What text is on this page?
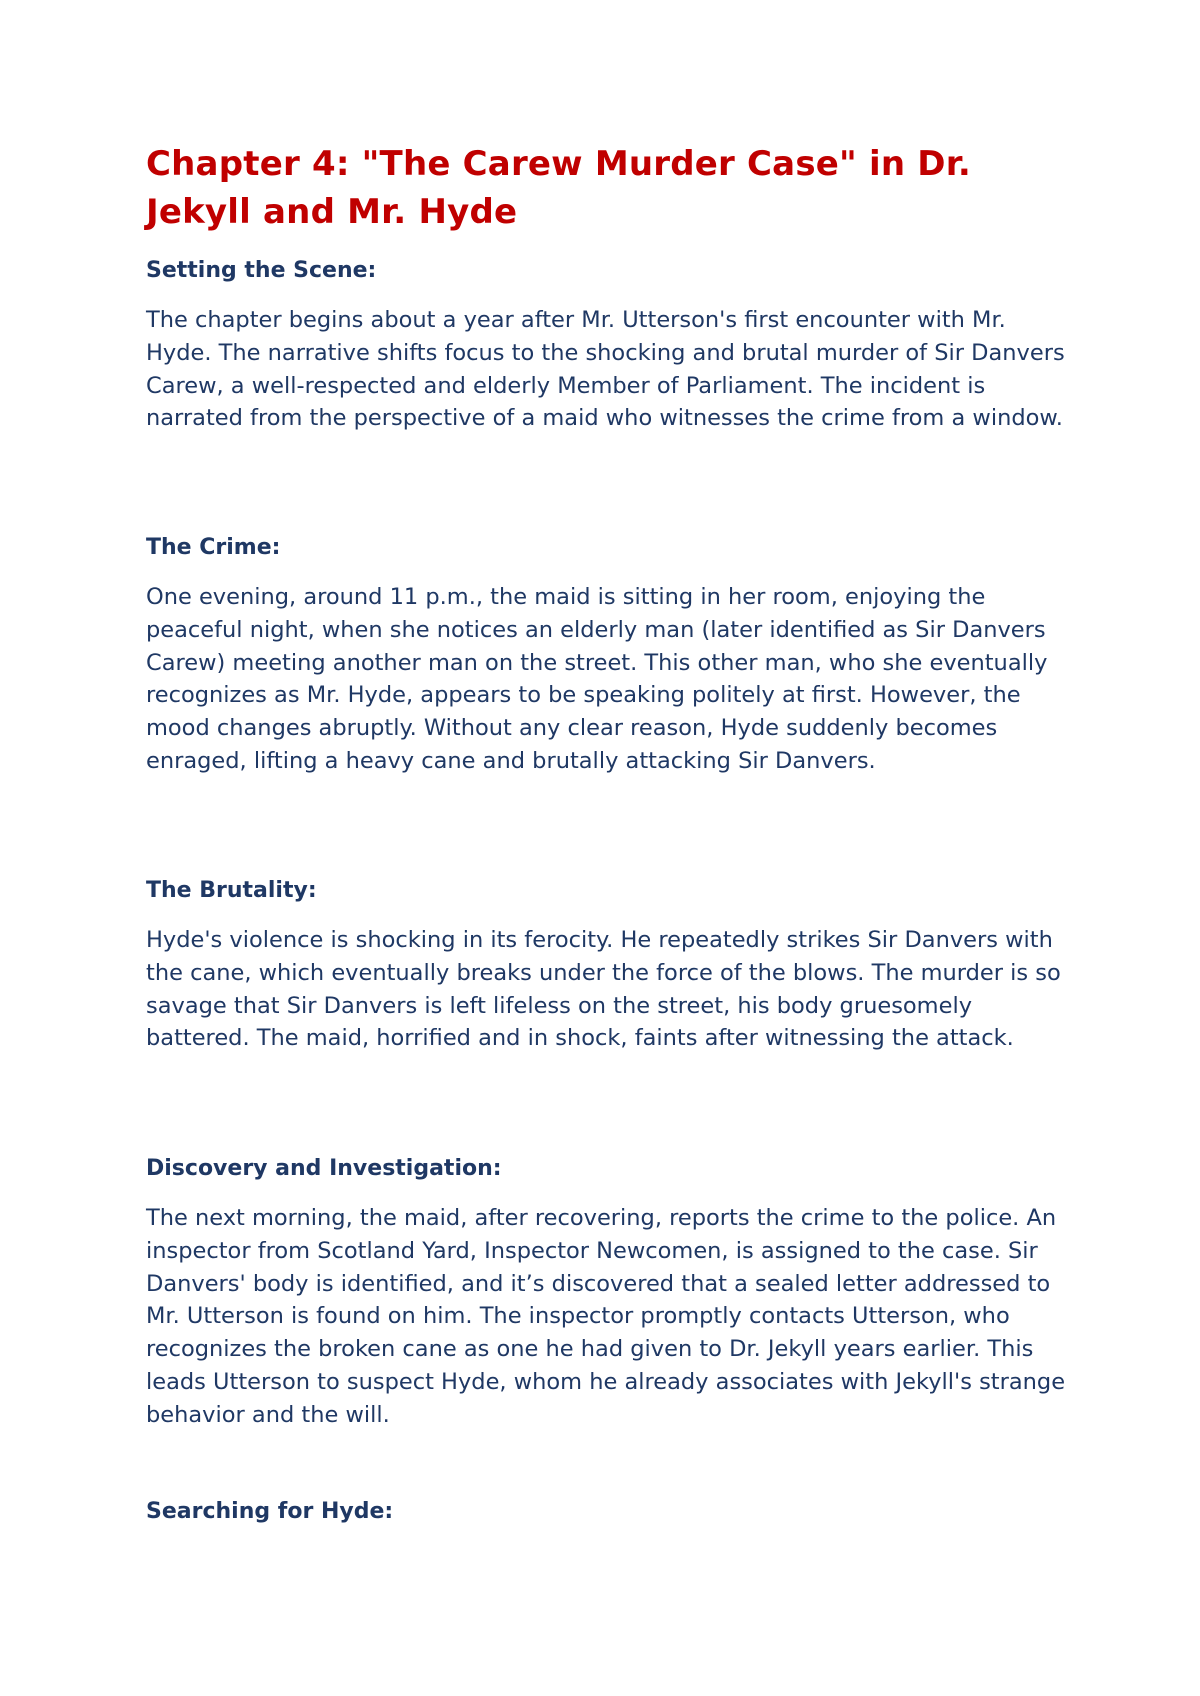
Chapter 4: "The Carew Murder Case" in Dr. Jekyll and Mr. Hyde
Setting the Scene:

The chapter begins about a year after Mr. Utterson's first encounter with Mr. Hyde. The narrative shifts focus to the shocking and brutal murder of Sir Danvers Carew, a well-respected and elderly Member of Parliament. The incident is narrated from the perspective of a maid who witnesses the crime from a window.

The Crime:

One evening, around 11 p.m., the maid is sitting in her room, enjoying the peaceful night, when she notices an elderly man (later identified as Sir Danvers Carew) meeting another man on the street. This other man, who she eventually recognizes as Mr. Hyde, appears to be speaking politely at first. However, the mood changes abruptly. Without any clear reason, Hyde suddenly becomes enraged, lifting a heavy cane and brutally attacking Sir Danvers.

The Brutality:

Hyde's violence is shocking in its ferocity. He repeatedly strikes Sir Danvers with the cane, which eventually breaks under the force of the blows. The murder is so savage that Sir Danvers is left lifeless on the street, his body gruesomely battered. The maid, horrified and in shock, faints after witnessing the attack.

Discovery and Investigation:

The next morning, the maid, after recovering, reports the crime to the police. An inspector from Scotland Yard, Inspector Newcomen, is assigned to the case. Sir Danvers' body is identified, and it’s discovered that a sealed letter addressed to Mr. Utterson is found on him. The inspector promptly contacts Utterson, who recognizes the broken cane as one he had given to Dr. Jekyll years earlier. This leads Utterson to suspect Hyde, whom he already associates with Jekyll's strange behavior and the will.

Searching for Hyde:
